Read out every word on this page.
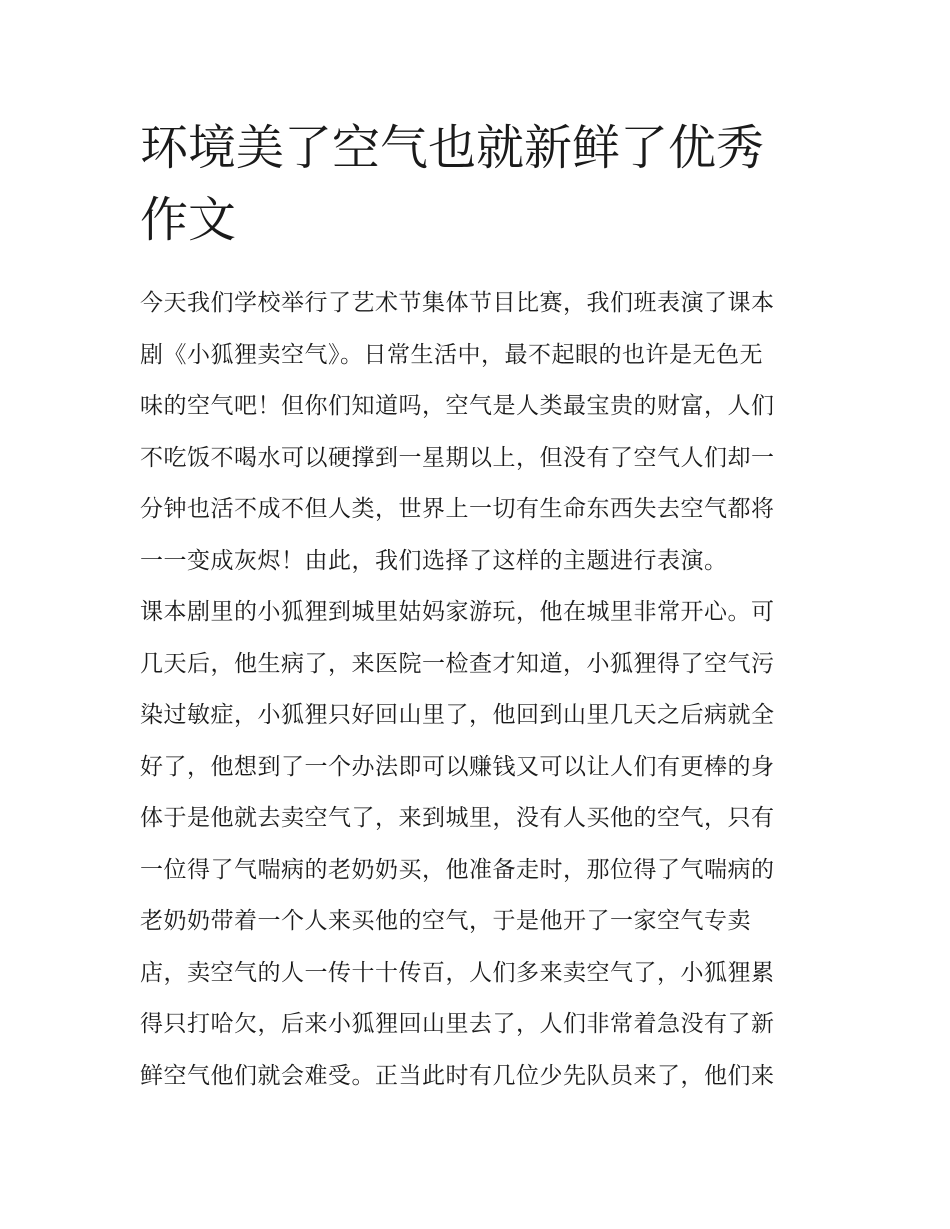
环境美了空气也就新鲜了优秀
作文
今天我们学校举行了艺术节集体节目比赛，我们班表演了课本
剧《小狐狸卖空气》。日常生活中，最不起眼的也许是无色无
味的空气吧！但你们知道吗，空气是人类最宝贵的财富，人们
不吃饭不喝水可以硬撑到一星期以上，但没有了空气人们却一
分钟也活不成不但人类，世界上一切有生命东西失去空气都将
一一变成灰烬！由此，我们选择了这样的主题进行表演。
课本剧里的小狐狸到城里姑妈家游玩，他在城里非常开心。可
几天后，他生病了，来医院一检查才知道，小狐狸得了空气污
染过敏症，小狐狸只好回山里了，他回到山里几天之后病就全
好了，他想到了一个办法即可以赚钱又可以让人们有更棒的身
体于是他就去卖空气了，来到城里，没有人买他的空气，只有
一位得了气喘病的老奶奶买，他准备走时，那位得了气喘病的
老奶奶带着一个人来买他的空气，于是他开了一家空气专卖
店，卖空气的人一传十十传百，人们多来卖空气了，小狐狸累
得只打哈欠，后来小狐狸回山里去了，人们非常着急没有了新
鲜空气他们就会难受。正当此时有几位少先队员来了，他们来
